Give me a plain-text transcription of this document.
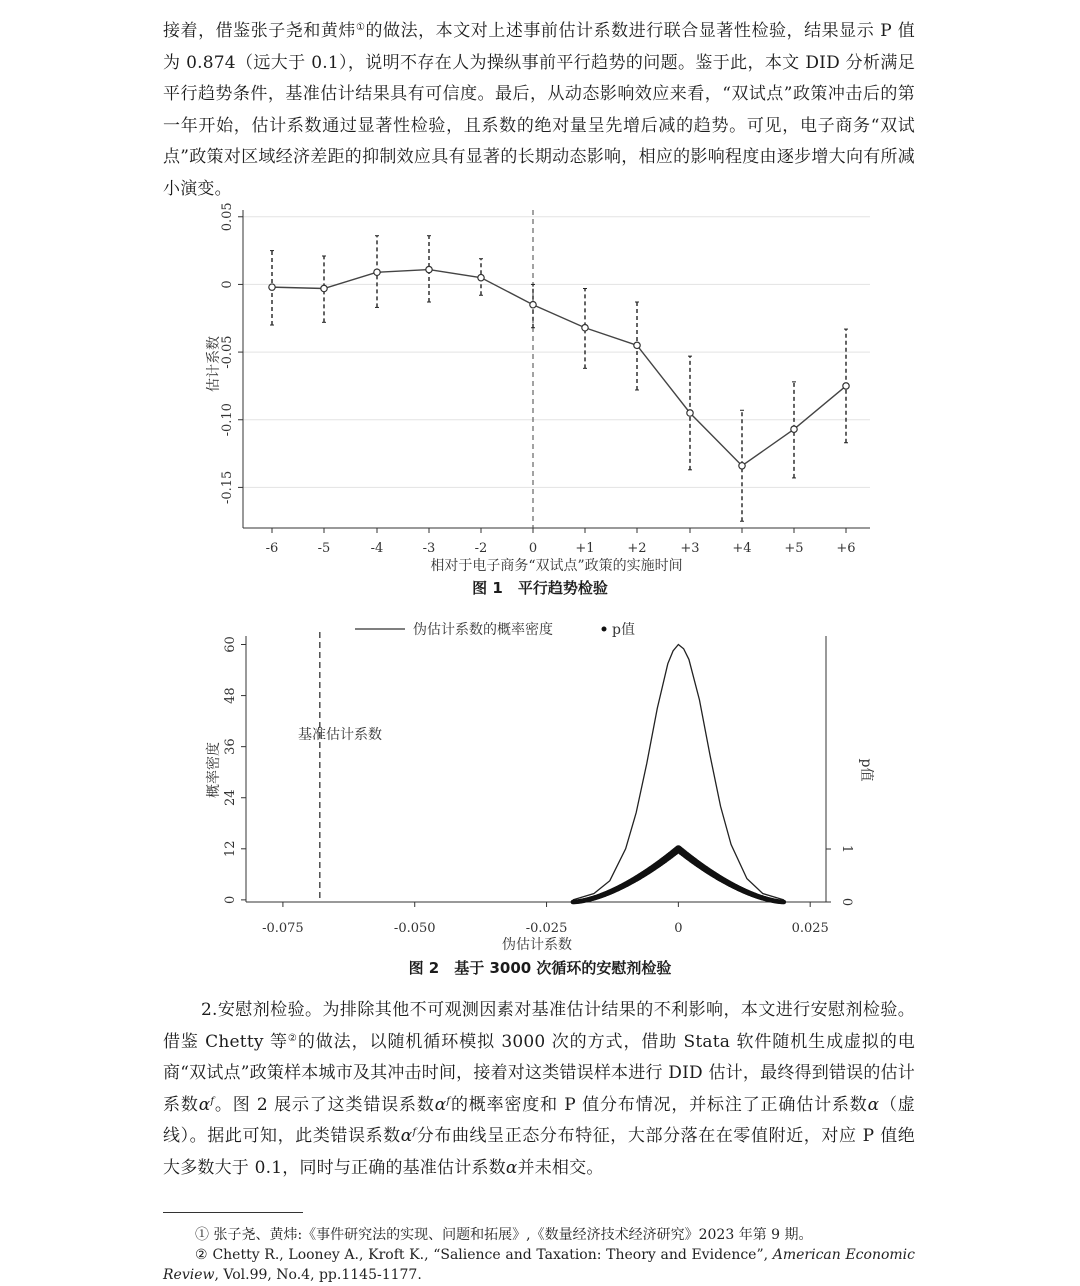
接着，借鉴张子尧和黄炜①的做法，本文对上述事前估计系数进行联合显著性检验，结果显示 P 值为 0.874（远大于 0.1），说明不存在人为操纵事前平行趋势的问题。鉴于此，本文 DID 分析满足平行趋势条件，基准估计结果具有可信度。最后，从动态影响效应来看，“双试点”政策冲击后的第一年开始，估计系数通过显著性检验，且系数的绝对量呈先增后减的趋势。可见，电子商务“双试点”政策对区域经济差距的抑制效应具有显著的长期动态影响，相应的影响程度由逐步增大向有所减小演变。

0.05
0
-0.05
-0.10
-0.15
-6	-5	-4	-3	-2	0	+1	+2	+3	+4	+5	+6
相对于电子商务“双试点”政策的实施时间
估计系数
图 1　平行趋势检验
0
12
24
36
48
60
-0.075	-0.050	-0.025	0	0.025
0
1
伪估计系数的概率密度	p值
基准估计系数
伪估计系数
概率密度	p值
图 2　基于 3000 次循环的安慰剂检验

2.安慰剂检验。为排除其他不可观测因素对基准估计结果的不利影响，本文进行安慰剂检验。借鉴 Chetty 等②的做法，以随机循环模拟 3000 次的方式，借助 Stata 软件随机生成虚拟的电商“双试点”政策样本城市及其冲击时间，接着对这类错误样本进行 DID 估计，最终得到错误的估计系数$\alpha^f$。图 2 展示了这类错误系数$\alpha^f$的概率密度和 P 值分布情况，并标注了正确估计系数α（虚线）。据此可知，此类错误系数$\alpha^f$分布曲线呈正态分布特征，大部分落在在零值附近，对应 P 值绝大多数大于 0.1，同时与正确的基准估计系数α并未相交。

① 张子尧、黄炜:《事件研究法的实现、问题和拓展》,《数量经济技术经济研究》2023 年第 9 期。

② Chetty R., Looney A., Kroft K., “Salience and Taxation: Theory and Evidence”, American Economic Review, Vol.99, No.4, pp.1145-1177.
